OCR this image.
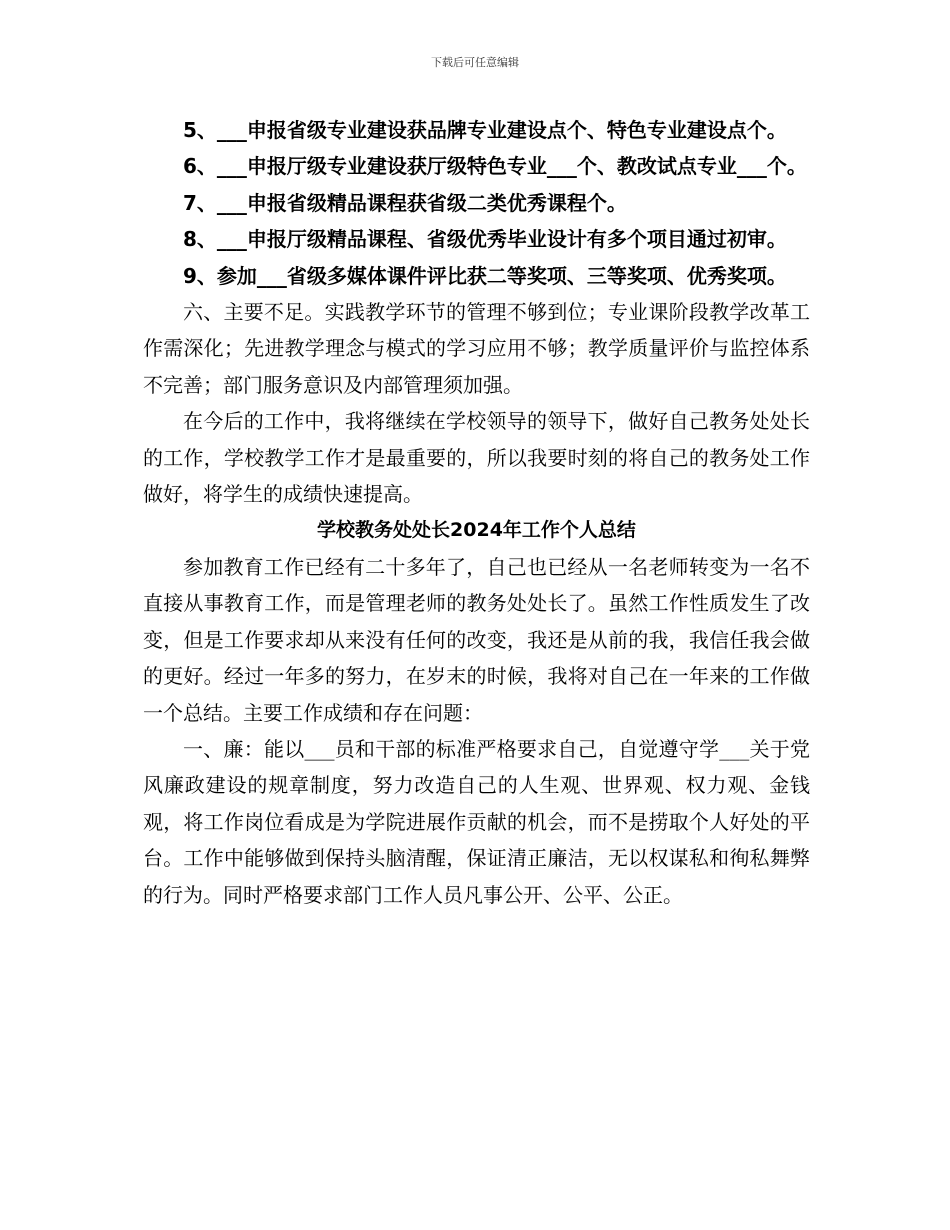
下载后可任意编辑

5、___申报省级专业建设获品牌专业建设点个、特色专业建设点个。

6、___申报厅级专业建设获厅级特色专业___个、教改试点专业___个。

7、___申报省级精品课程获省级二类优秀课程个。

8、___申报厅级精品课程、省级优秀毕业设计有多个项目通过初审。

9、参加___省级多媒体课件评比获二等奖项、三等奖项、优秀奖项。

六、主要不足。实践教学环节的管理不够到位；专业课阶段教学改革工作需深化；先进教学理念与模式的学习应用不够；教学质量评价与监控体系不完善；部门服务意识及内部管理须加强。

在今后的工作中，我将继续在学校领导的领导下，做好自己教务处处长的工作，学校教学工作才是最重要的，所以我要时刻的将自己的教务处工作做好，将学生的成绩快速提高。

学校教务处处长2024年工作个人总结

参加教育工作已经有二十多年了，自己也已经从一名老师转变为一名不直接从事教育工作，而是管理老师的教务处处长了。虽然工作性质发生了改变，但是工作要求却从来没有任何的改变，我还是从前的我，我信任我会做的更好。经过一年多的努力，在岁末的时候，我将对自己在一年来的工作做一个总结。主要工作成绩和存在问题：

一、廉：能以___员和干部的标准严格要求自己，自觉遵守学___关于党风廉政建设的规章制度，努力改造自己的人生观、世界观、权力观、金钱观，将工作岗位看成是为学院进展作贡献的机会，而不是捞取个人好处的平台。工作中能够做到保持头脑清醒，保证清正廉洁，无以权谋私和徇私舞弊的行为。同时严格要求部门工作人员凡事公开、公平、公正。
